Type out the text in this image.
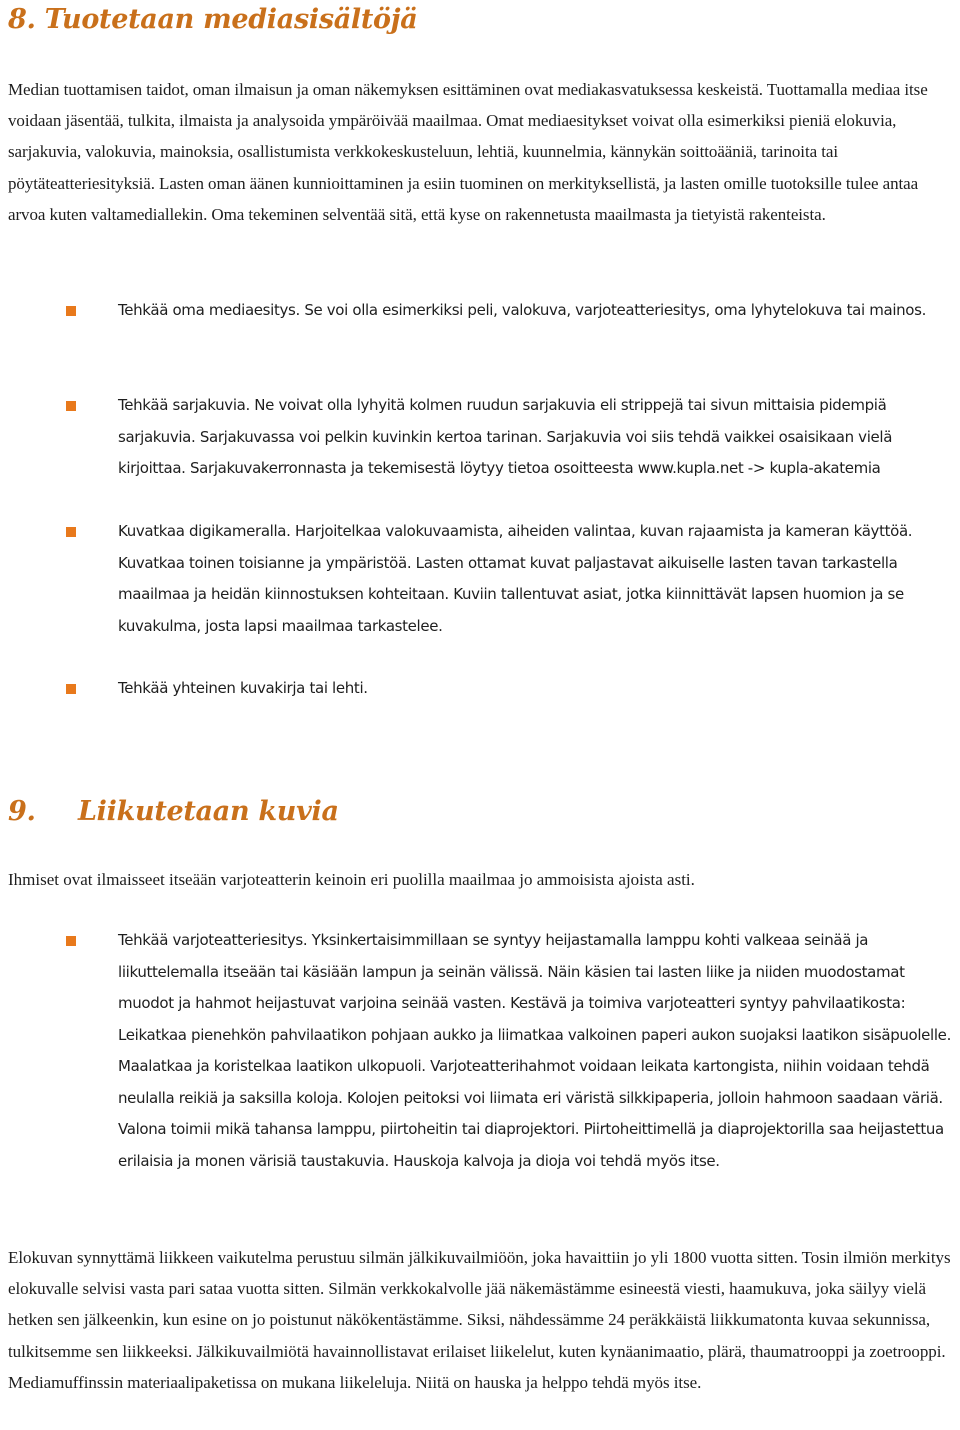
8. Tuotetaan mediasisältöjä

Median tuottamisen taidot, oman ilmaisun ja oman näkemyksen esittäminen ovat mediakasvatuksessa keskeistä. Tuottamalla mediaa itse voidaan jäsentää, tulkita, ilmaista ja analysoida ympäröivää maailmaa. Omat mediaesitykset voivat olla esimerkiksi pieniä elokuvia, sarjakuvia, valokuvia, mainoksia, osallistumista verkkokeskusteluun, lehtiä, kuunnelmia, kännykän soittoääniä, tarinoita tai pöytäteatteriesityksiä. Lasten oman äänen kunnioittaminen ja esiin tuominen on merkityksellistä, ja lasten omille tuotoksille tulee antaa arvoa kuten valtamediallekin. Oma tekeminen selventää sitä, että kyse on rakennetusta maailmasta ja tietyistä rakenteista.

Tehkää oma mediaesitys. Se voi olla esimerkiksi peli, valokuva, varjoteatteriesitys, oma lyhytelokuva tai mainos.

Tehkää sarjakuvia. Ne voivat olla lyhyitä kolmen ruudun sarjakuvia eli strippejä tai sivun mittaisia pidempiä sarjakuvia. Sarjakuvassa voi pelkin kuvinkin kertoa tarinan. Sarjakuvia voi siis tehdä vaikkei osaisikaan vielä kirjoittaa. Sarjakuvakerronnasta ja tekemisestä löytyy tietoa osoitteesta www.kupla.net -> kupla-akatemia

Kuvatkaa digikameralla. Harjoitelkaa valokuvaamista, aiheiden valintaa, kuvan rajaamista ja kameran käyttöä. Kuvatkaa toinen toisianne ja ympäristöä. Lasten ottamat kuvat paljastavat aikuiselle lasten tavan tarkastella maailmaa ja heidän kiinnostuksen kohteitaan. Kuviin tallentuvat asiat, jotka kiinnittävät lapsen huomion ja se kuvakulma, josta lapsi maailmaa tarkastelee.

Tehkää yhteinen kuvakirja tai lehti.

9. Liikutetaan kuvia

Ihmiset ovat ilmaisseet itseään varjoteatterin keinoin eri puolilla maailmaa jo ammoisista ajoista asti.

Tehkää varjoteatteriesitys. Yksinkertaisimmillaan se syntyy heijastamalla lamppu kohti valkeaa seinää ja liikuttelemalla itseään tai käsiään lampun ja seinän välissä. Näin käsien tai lasten liike ja niiden muodostamat muodot ja hahmot heijastuvat varjoina seinää vasten. Kestävä ja toimiva varjoteatteri syntyy pahvilaatikosta: Leikatkaa pienehkön pahvilaatikon pohjaan aukko ja liimatkaa valkoinen paperi aukon suojaksi laatikon sisäpuolelle. Maalatkaa ja koristelkaa laatikon ulkopuoli. Varjoteatterihahmot voidaan leikata kartongista, niihin voidaan tehdä neulalla reikiä ja saksilla koloja. Kolojen peitoksi voi liimata eri väristä silkkipaperia, jolloin hahmoon saadaan väriä. Valona toimii mikä tahansa lamppu, piirtoheitin tai diaprojektori. Piirtoheittimellä ja diaprojektorilla saa heijastettua erilaisia ja monen värisiä taustakuvia. Hauskoja kalvoja ja dioja voi tehdä myös itse.

Elokuvan synnyttämä liikkeen vaikutelma perustuu silmän jälkikuvailmiöön, joka havaittiin jo yli 1800 vuotta sitten. Tosin ilmiön merkitys elokuvalle selvisi vasta pari sataa vuotta sitten. Silmän verkkokalvolle jää näkemästämme esineestä viesti, haamukuva, joka säilyy vielä hetken sen jälkeenkin, kun esine on jo poistunut näkökentästämme. Siksi, nähdessämme 24 peräkkäistä liikkumatonta kuvaa sekunnissa, tulkitsemme sen liikkeeksi. Jälkikuvailmiötä havainnollistavat erilaiset liikelelut, kuten kynäanimaatio, plärä, thaumatrooppi ja zoetrooppi. Mediamuffinssin materiaalipaketissa on mukana liikeleluja. Niitä on hauska ja helppo tehdä myös itse.
